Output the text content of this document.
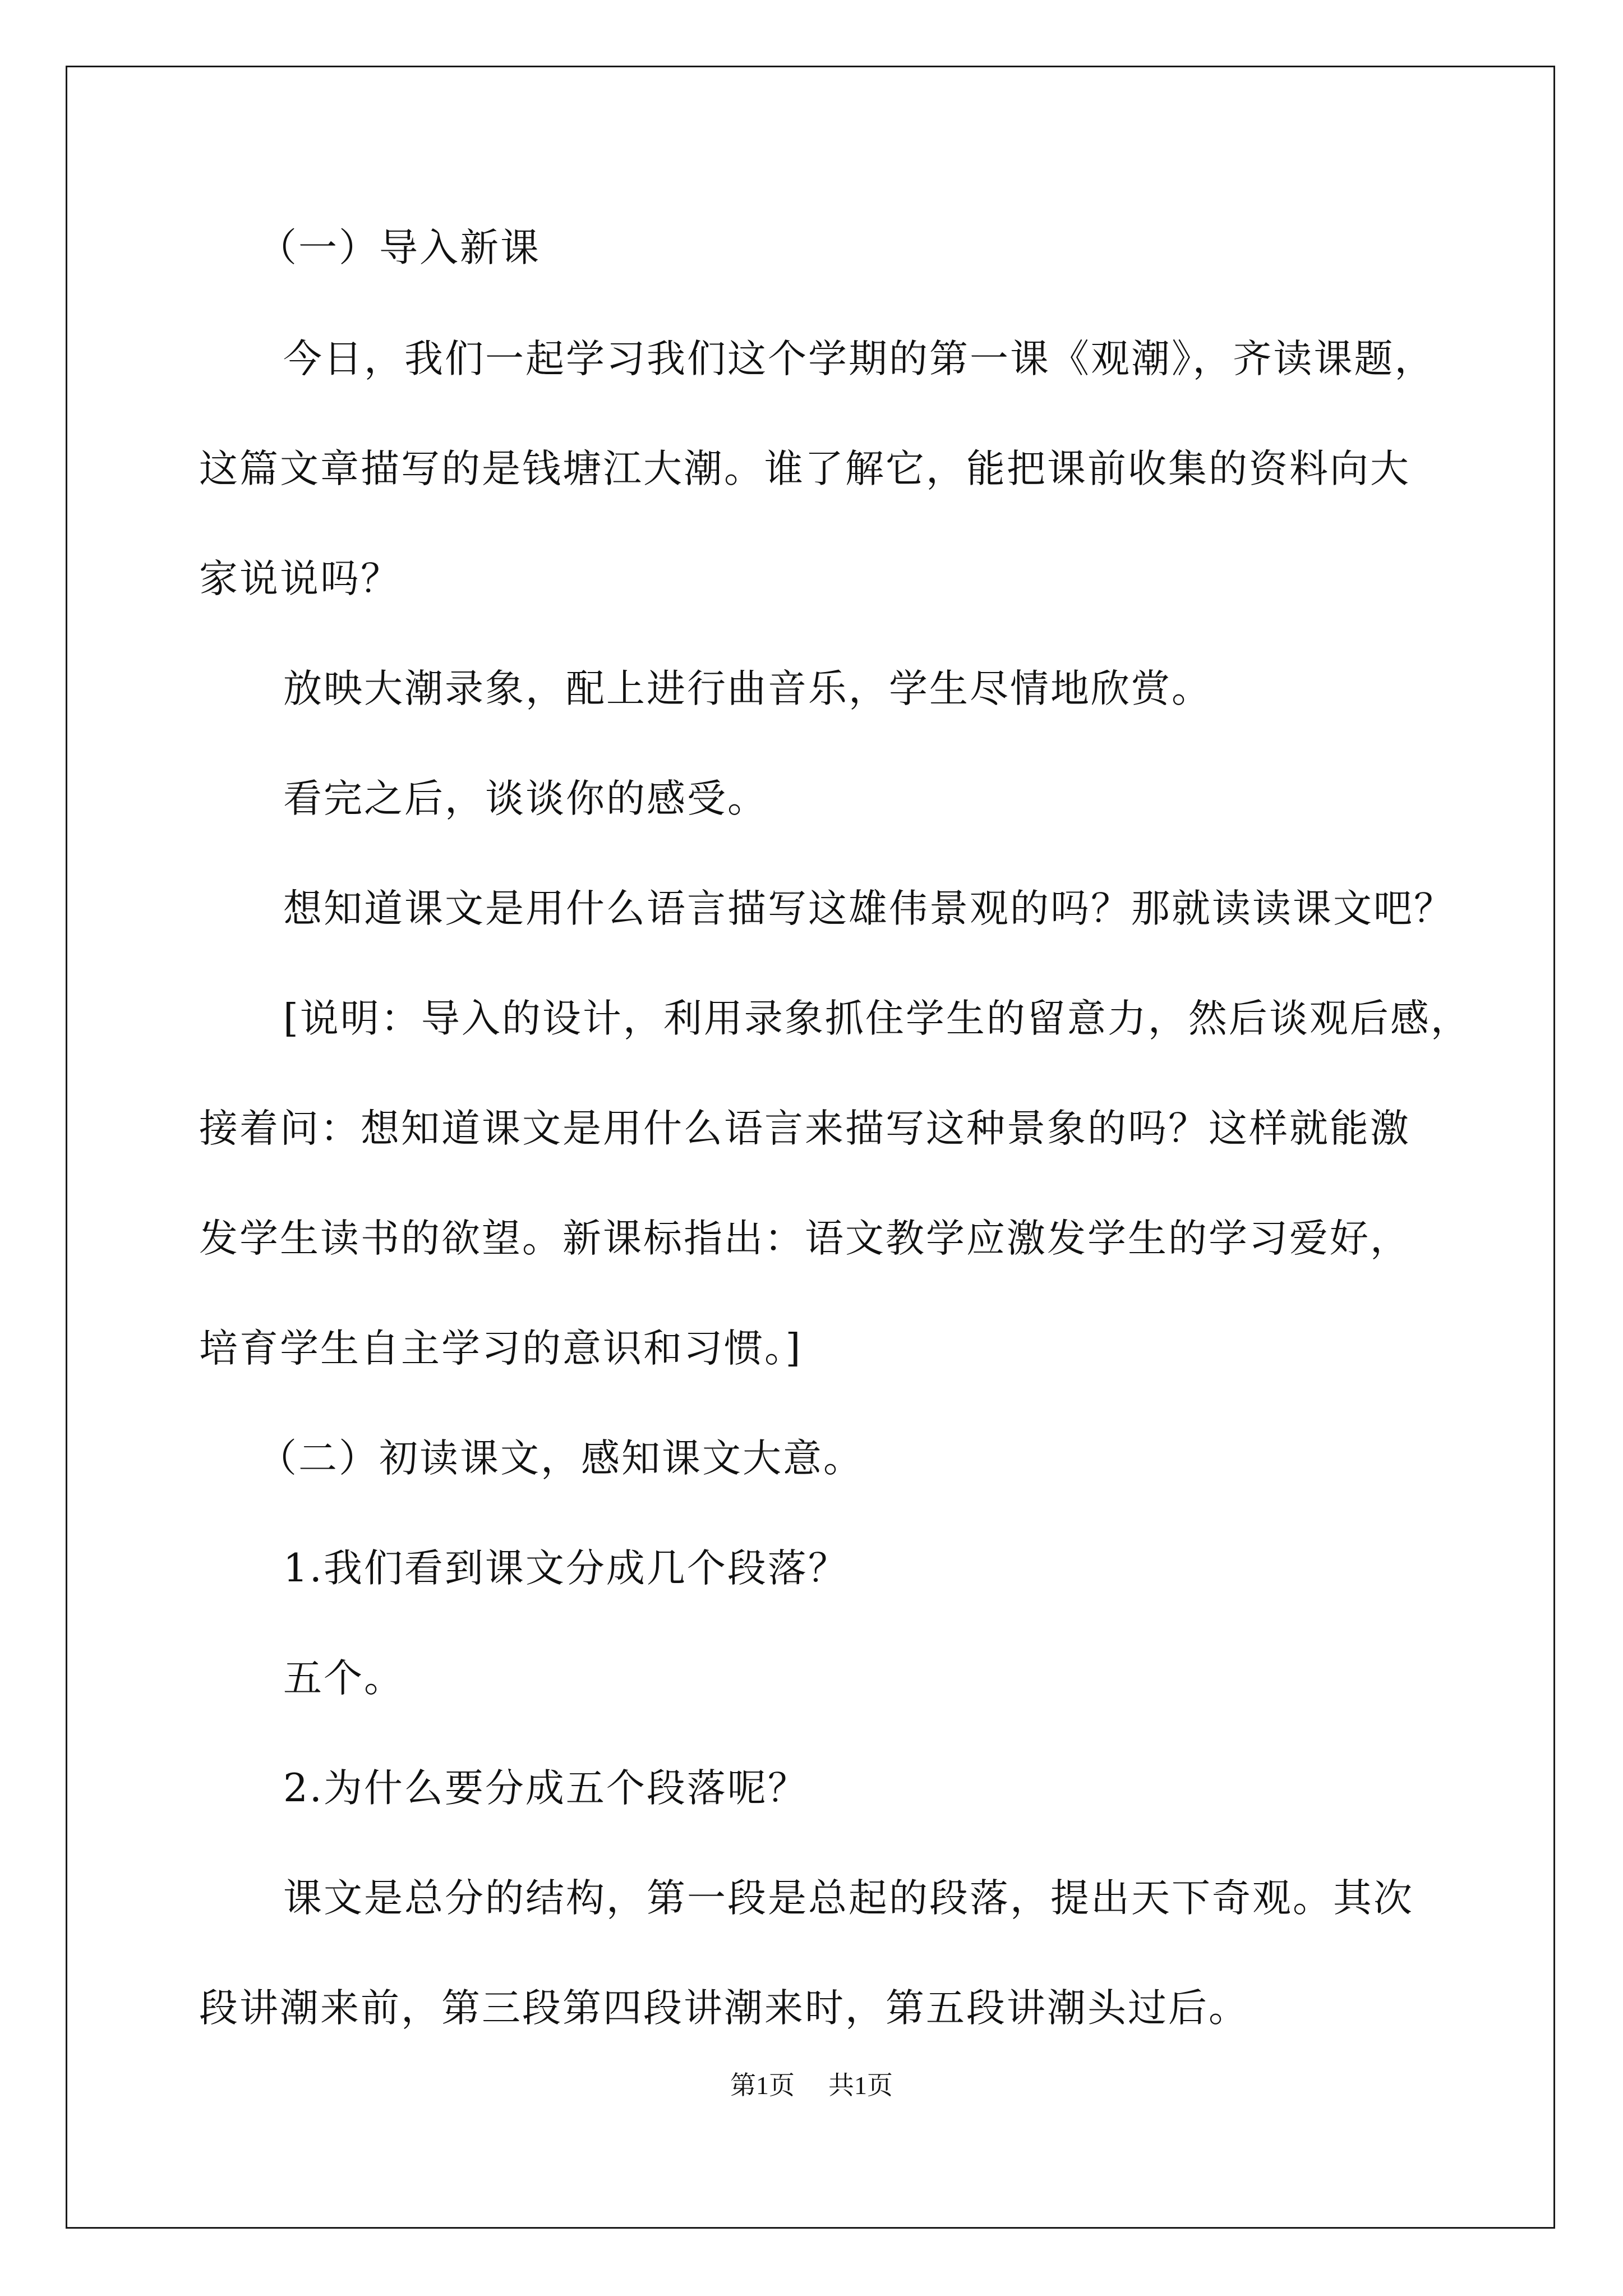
（一）导入新课
今日，我们一起学习我们这个学期的第一课《观潮》，齐读课题，
这篇文章描写的是钱塘江大潮。谁了解它，能把课前收集的资料向大
家说说吗？
放映大潮录象，配上进行曲音乐，学生尽情地欣赏。
看完之后，谈谈你的感受。
想知道课文是用什么语言描写这雄伟景观的吗？那就读读课文吧？
[说明：导入的设计，利用录象抓住学生的留意力，然后谈观后感，
接着问：想知道课文是用什么语言来描写这种景象的吗？这样就能激
发学生读书的欲望。新课标指出：语文教学应激发学生的学习爱好，
培育学生自主学习的意识和习惯。]
（二）初读课文，感知课文大意。
1.我们看到课文分成几个段落？
五个。
2.为什么要分成五个段落呢？
课文是总分的结构，第一段是总起的段落，提出天下奇观。其次
段讲潮来前，第三段第四段讲潮来时，第五段讲潮头过后。
第1页 共1页
